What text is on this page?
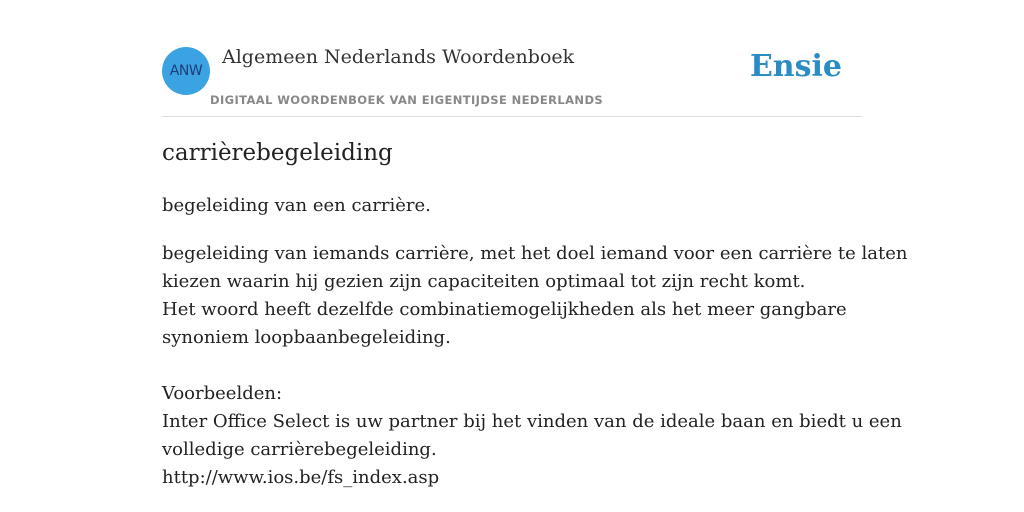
ANW
Algemeen Nederlands Woordenboek
DIGITAAL WOORDENBOEK VAN EIGENTIJDSE NEDERLANDS
Ensie
carrièrebegeleiding

begeleiding van een carrière.

begeleiding van iemands carrière, met het doel iemand voor een carrière te laten
kiezen waarin hij gezien zijn capaciteiten optimaal tot zijn recht komt.
Het woord heeft dezelfde combinatiemogelijkheden als het meer gangbare
synoniem loopbaanbegeleiding.
Voorbeelden:
Inter Office Select is uw partner bij het vinden van de ideale baan en biedt u een
volledige carrièrebegeleiding.
http://www.ios.be/fs_index.asp
